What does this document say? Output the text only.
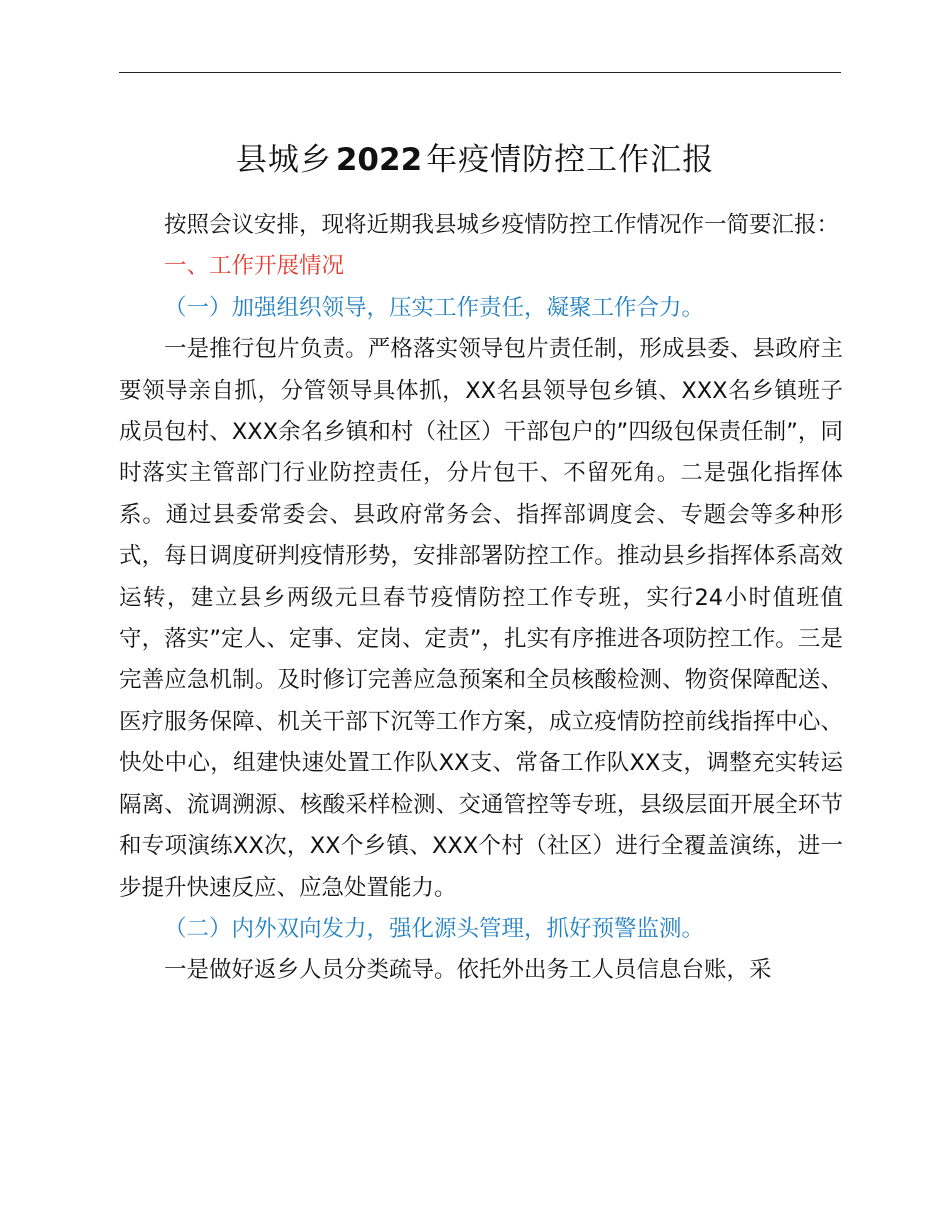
县城乡 2022 年疫情防控工作汇报

按照会议安排，现将近期我县城乡疫情防控工作情况作一简要汇报：

一、工作开展情况

（一）加强组织领导，压实工作责任，凝聚工作合力。

一是推行包片负责。严格落实领导包片责任制，形成县委、县政府主要领导亲自抓，分管领导具体抓，XX名县领导包乡镇、XXX名乡镇班子成员包村、XXX余名乡镇和村（社区）干部包户的”四级包保责任制”，同时落实主管部门行业防控责任，分片包干、不留死角。二是强化指挥体系。通过县委常委会、县政府常务会、指挥部调度会、专题会等多种形式，每日调度研判疫情形势，安排部署防控工作。推动县乡指挥体系高效运转，建立县乡两级元旦春节疫情防控工作专班，实行24小时值班值守，落实”定人、定事、定岗、定责”，扎实有序推进各项防控工作。三是完善应急机制。及时修订完善应急预案和全员核酸检测、物资保障配送、医疗服务保障、机关干部下沉等工作方案，成立疫情防控前线指挥中心、快处中心，组建快速处置工作队XX支、常备工作队XX支，调整充实转运隔离、流调溯源、核酸采样检测、交通管控等专班，县级层面开展全环节和专项演练XX次，XX个乡镇、XXX个村（社区）进行全覆盖演练，进一步提升快速反应、应急处置能力。

（二）内外双向发力，强化源头管理，抓好预警监测。

一是做好返乡人员分类疏导。依托外出务工人员信息台账，采
